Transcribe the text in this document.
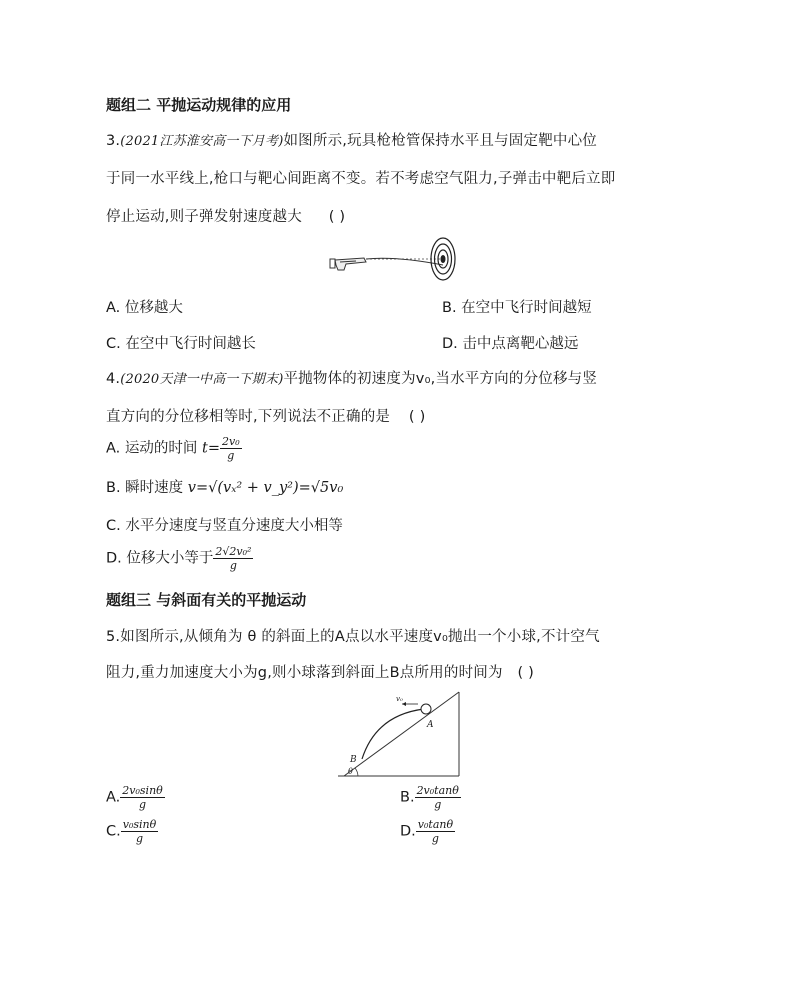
题组二 平抛运动规律的应用
3.(2021江苏淮安高一下月考)如图所示,玩具枪枪管保持水平且与固定靶中心位
于同一水平线上,枪口与靶心间距离不变。若不考虑空气阻力,子弹击中靶后立即
停止运动,则子弹发射速度越大 ( )
A. 位移越大	B. 在空中飞行时间越短
C. 在空中飞行时间越长	D. 击中点离靶心越远
4.(2020天津一中高一下期末)平抛物体的初速度为v₀,当水平方向的分位移与竖
直方向的分位移相等时,下列说法不正确的是 ( )
A. 运动的时间 $t= \frac{\text{2v₀}}{g}$
B. 瞬时速度 v=√(vₓ² + v_y²)=√5v₀
C. 水平分速度与竖直分速度大小相等
D. 位移大小等于 $\frac{\text{2√2v₀²}}{g}$
题组三 与斜面有关的平抛运动
5.如图所示,从倾角为 θ 的斜面上的A点以水平速度v₀抛出一个小球,不计空气
阻力,重力加速度大小为g,则小球落到斜面上B点所用的时间为 ( )
v₀
A
B
θ
A. $\frac{\text{2v₀sinθ}}{g}$	B. $\frac{\text{2v₀tanθ}}{g}$
C. $\frac{\text{v₀sinθ}}{g}$	D. $\frac{\text{v₀tanθ}}{g}$
